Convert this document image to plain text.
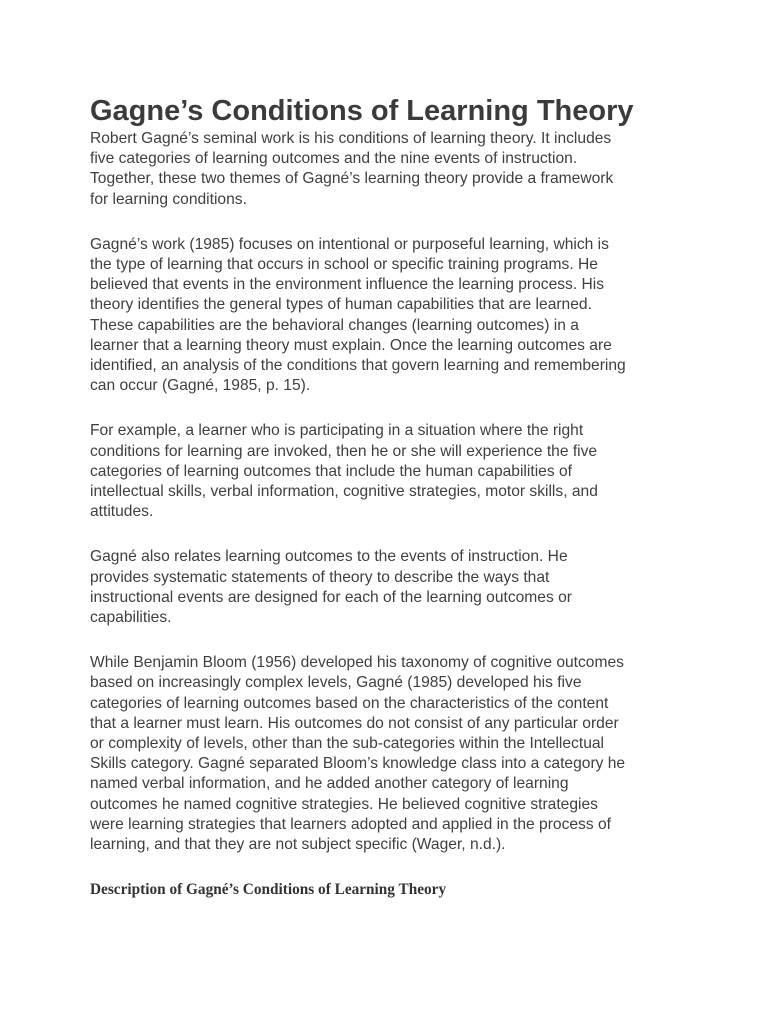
Gagne’s Conditions of Learning Theory

Robert Gagné’s seminal work is his conditions of learning theory. It includes
five categories of learning outcomes and the nine events of instruction.
Together, these two themes of Gagné’s learning theory provide a framework
for learning conditions.

Gagné’s work (1985) focuses on intentional or purposeful learning, which is
the type of learning that occurs in school or specific training programs. He
believed that events in the environment influence the learning process. His
theory identifies the general types of human capabilities that are learned.
These capabilities are the behavioral changes (learning outcomes) in a
learner that a learning theory must explain. Once the learning outcomes are
identified, an analysis of the conditions that govern learning and remembering
can occur (Gagné, 1985, p. 15).

For example, a learner who is participating in a situation where the right
conditions for learning are invoked, then he or she will experience the five
categories of learning outcomes that include the human capabilities of
intellectual skills, verbal information, cognitive strategies, motor skills, and
attitudes.

Gagné also relates learning outcomes to the events of instruction. He
provides systematic statements of theory to describe the ways that
instructional events are designed for each of the learning outcomes or
capabilities.

While Benjamin Bloom (1956) developed his taxonomy of cognitive outcomes
based on increasingly complex levels, Gagné (1985) developed his five
categories of learning outcomes based on the characteristics of the content
that a learner must learn. His outcomes do not consist of any particular order
or complexity of levels, other than the sub-categories within the Intellectual
Skills category. Gagné separated Bloom’s knowledge class into a category he
named verbal information, and he added another category of learning
outcomes he named cognitive strategies. He believed cognitive strategies
were learning strategies that learners adopted and applied in the process of
learning, and that they are not subject specific (Wager, n.d.).

Description of Gagné’s Conditions of Learning Theory
